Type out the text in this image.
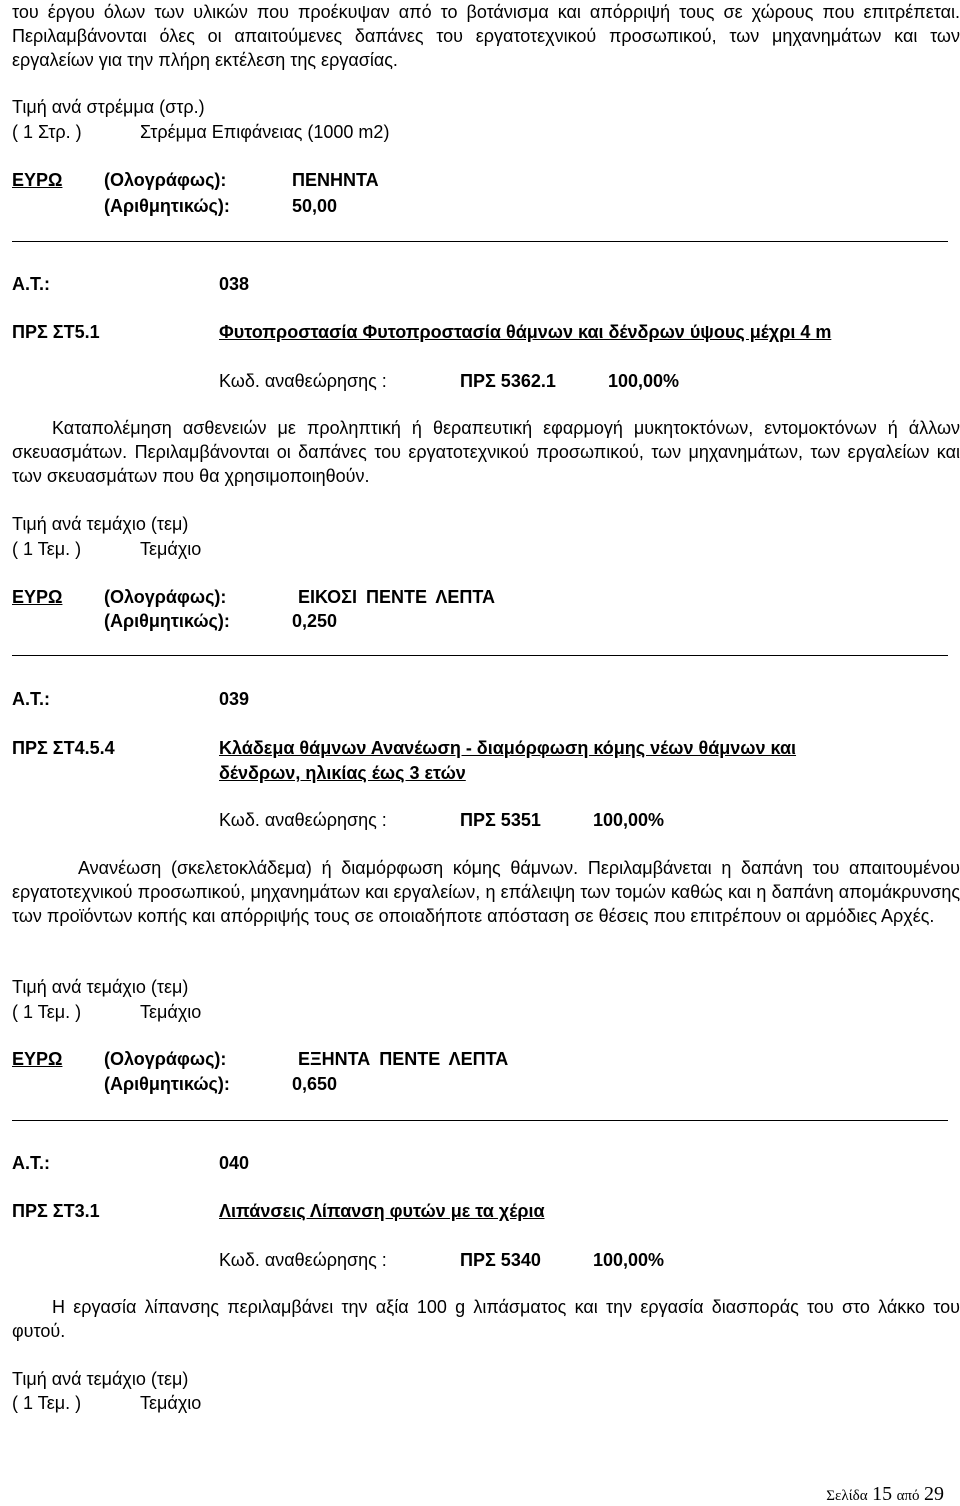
του έργου όλων των υλικών που προέκυψαν από το βοτάνισμα και απόρριψή τους σε χώρους που επιτρέπεται. Περιλαμβάνονται όλες οι απαιτούμενες δαπάνες του εργατοτεχνικού προσωπικού, των μηχανημάτων και των εργαλείων για την πλήρη εκτέλεση της εργασίας.
Τιμή ανά στρέμμα (στρ.)
( 1 Στρ. )	Στρέμμα Επιφάνειας (1000 m2)
ΕΥΡΩ (Ολογράφως):	ΠΕΝΗΝΤΑ
(Αριθμητικώς):	50,00
Α.Τ.:	038
ΠΡΣ ΣΤ5.1	Φυτοπροστασία Φυτοπροστασία θάμνων και δένδρων ύψους μέχρι 4 m
Κωδ. αναθεώρησης :	ΠΡΣ 5362.1	100,00%
Καταπολέμηση ασθενειών με προληπτική ή θεραπευτική εφαρμογή μυκητοκτόνων, εντομοκτόνων ή άλλων σκευασμάτων. Περιλαμβάνονται οι δαπάνες του εργατοτεχνικού προσωπικού, των μηχανημάτων, των εργαλείων και των σκευασμάτων που θα χρησιμοποιηθούν.
Τιμή ανά τεμάχιο (τεμ)
( 1 Τεμ. )	Τεμάχιο
ΕΥΡΩ (Ολογράφως):	ΕΙΚΟΣΙ ΠΕΝΤΕ ΛΕΠΤΑ
(Αριθμητικώς):	0,250
Α.Τ.:	039
ΠΡΣ ΣΤ4.5.4	Κλάδεμα θάμνων Ανανέωση - διαμόρφωση κόμης νέων θάμνων και
δένδρων, ηλικίας έως 3 ετών
Κωδ. αναθεώρησης :	ΠΡΣ 5351	100,00%
Ανανέωση (σκελετοκλάδεμα) ή διαμόρφωση κόμης θάμνων. Περιλαμβάνεται η δαπάνη του απαιτουμένου εργατοτεχνικού προσωπικού, μηχανημάτων και εργαλείων, η επάλειψη των τομών καθώς και η δαπάνη απομάκρυνσης των προϊόντων κοπής και απόρριψής τους σε οποιαδήποτε απόσταση σε θέσεις που επιτρέπουν οι αρμόδιες Αρχές.
Τιμή ανά τεμάχιο (τεμ)
( 1 Τεμ. )	Τεμάχιο
ΕΥΡΩ (Ολογράφως):	ΕΞΗΝΤΑ ΠΕΝΤΕ ΛΕΠΤΑ
(Αριθμητικώς):	0,650
Α.Τ.:	040
ΠΡΣ ΣΤ3.1	Λιπάνσεις Λίπανση φυτών με τα χέρια
Κωδ. αναθεώρησης :	ΠΡΣ 5340	100,00%
Η εργασία λίπανσης περιλαμβάνει την αξία 100 g λιπάσματος και την εργασία διασποράς του στο λάκκο του φυτού.
Τιμή ανά τεμάχιο (τεμ)
( 1 Τεμ. )	Τεμάχιο
Σελίδα 15 από 29
